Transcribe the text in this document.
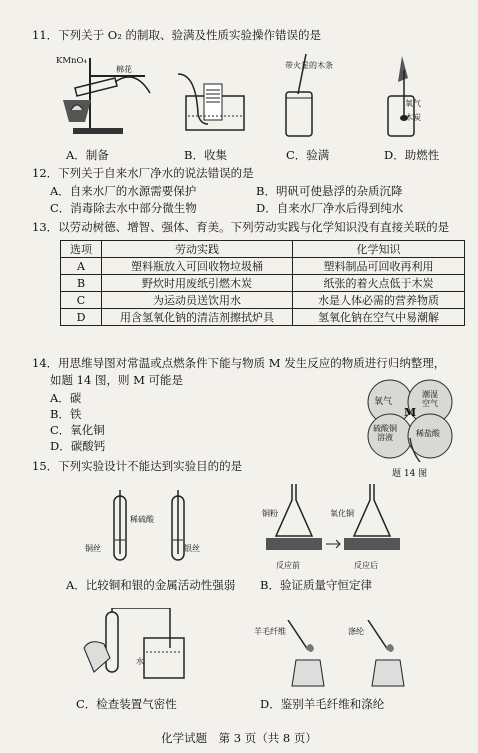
11．下列关于 O₂ 的制取、验满及性质实验操作错误的是
KMnO₄
棉花	带火星的木条
氧气
木炭
A．制备	B．收集	C．验满	D．助燃性
12．下列关于自来水厂净水的说法错误的是
A．自来水厂的水源需要保护	B．明矾可使悬浮的杂质沉降
C．消毒除去水中部分微生物	D．自来水厂净水后得到纯水
13．以劳动树德、增智、强体、育美。下列劳动实践与化学知识没有直接关联的是
选项	劳动实践	化学知识
A	塑料瓶放入可回收物垃圾桶	塑料制品可回收再利用
B	野炊时用废纸引燃木炭	纸张的着火点低于木炭
C	为运动员送饮用水	水是人体必需的营养物质
D	用含氢氧化钠的清洁剂擦拭炉具	氢氧化钠在空气中易潮解
14．用思维导图对常温或点燃条件下能与物质 M 发生反应的物质进行归纳整理，
如题 14 图，则 M 可能是
A．碳
B．铁
C．氧化铜
D．碳酸钙
氧气
潮湿空气
M
硫酸铜溶液	稀盐酸
题 14 图
15．下列实验设计不能达到实验目的的是
铜丝
稀硫酸
银丝
铜粉	氧化铜
反应前	反应后
A．比较铜和银的金属活动性强弱 B．验证质量守恒定律
水
羊毛纤维	涤纶
C．检查装置气密性	D．鉴别羊毛纤维和涤纶
化学试题　第 3 页（共 8 页）
